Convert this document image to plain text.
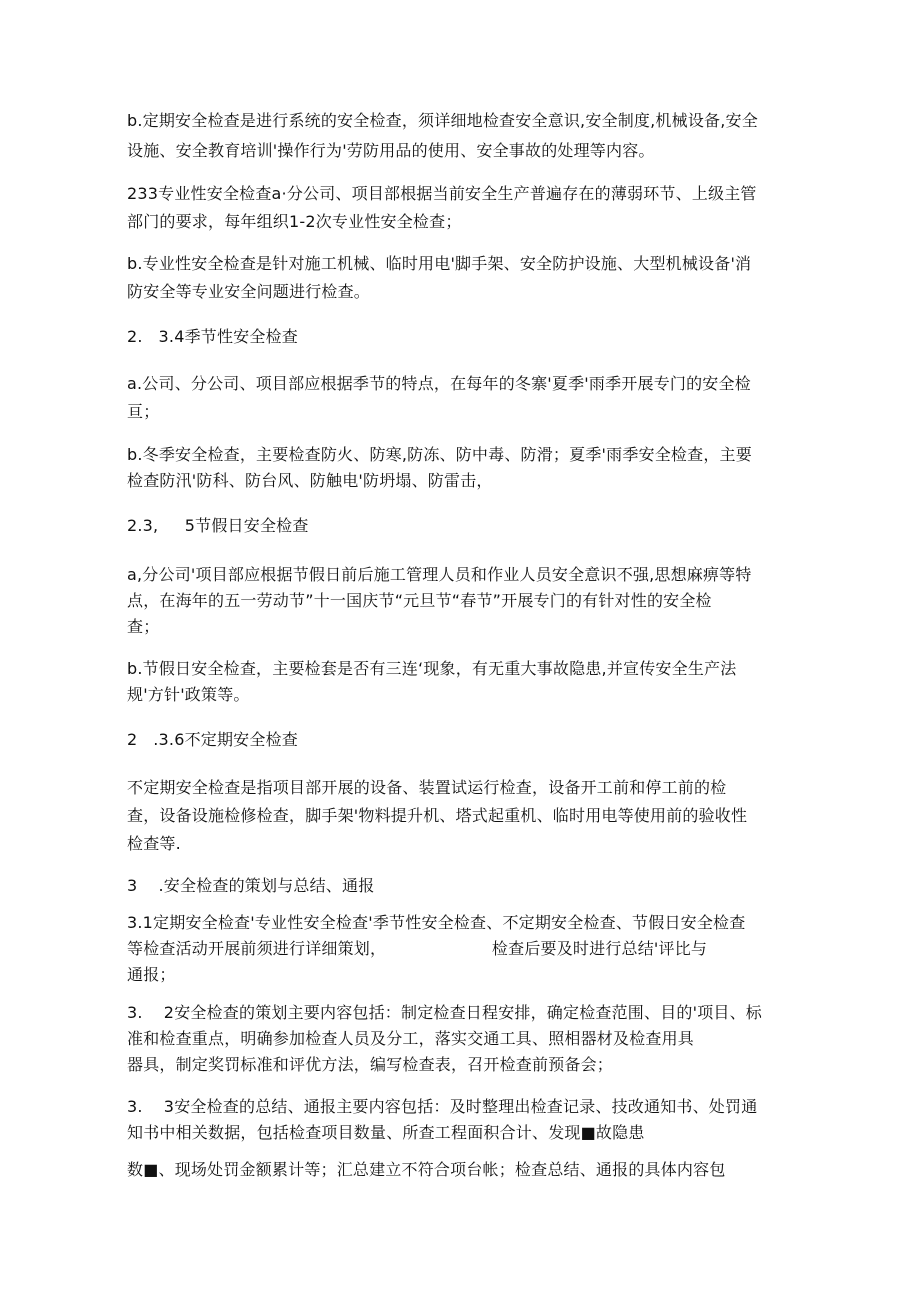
b.定期安全检查是进行系统的安全检查，须详细地检查安全意识,安全制度,机械设备,安全
设施、安全教育培训'操作行为'劳防用品的使用、安全事故的处理等内容。
233专业性安全检查a·分公司、项目部根据当前安全生产普遍存在的薄弱环节、上级主管
部门的要求，每年组织1-2次专业性安全检查；
b.专业性安全检查是针对施工机械、临时用电'脚手架、安全防护设施、大型机械设备'消
防安全等专业安全问题进行检查。
2.   3.4季节性安全检查
a.公司、分公司、项目部应根据季节的特点，在每年的冬寨'夏季'雨季开展专门的安全检
亘；
b.冬季安全检查，主要检查防火、防寒,防冻、防中毒、防滑；夏季'雨季安全检查，主要
检查防汛'防科、防台风、防触电'防坍塌、防雷击，
2.3,     5节假日安全检查
a,分公司'项目部应根据节假日前后施工管理人员和作业人员安全意识不强,思想麻痹等特
点，在海年的五一劳动节”十一国庆节“元旦节“春节”开展专门的有针对性的安全检
查；
b.节假日安全检查，主要检套是否有三连‘现象，有无重大事故隐患,并宣传安全生产法
规'方针'政策等。
2   .3.6不定期安全检查
不定期安全检查是指项目部开展的设备、装置试运行检查，设备开工前和停工前的检
查，设备设施检修检查，脚手架'物料提升机、塔式起重机、临时用电等使用前的验收性
检查等.
3    .安全检查的策划与总结、通报
3.1定期安全检查'专业性安全检查'季节性安全检查、不定期安全检查、节假日安全检查
等检查活动开展前须进行详细策划，                    检查后要及时进行总结'评比与
通报；
3.    2安全检查的策划主要内容包括：制定检查日程安排，确定检查范围、目的'项目、标
准和检查重点，明确参加检查人员及分工，落实交通工具、照相器材及检查用具
器具，制定奖罚标准和评优方法，编写检查表，召开检查前预备会；
3.    3安全检查的总结、通报主要内容包括：及时整理出检查记录、技改通知书、处罚通
知书中相关数据，包括检查项目数量、所查工程面积合计、发现■故隐患
数■、现场处罚金额累计等；汇总建立不符合项台帐；检查总结、通报的具体内容包
